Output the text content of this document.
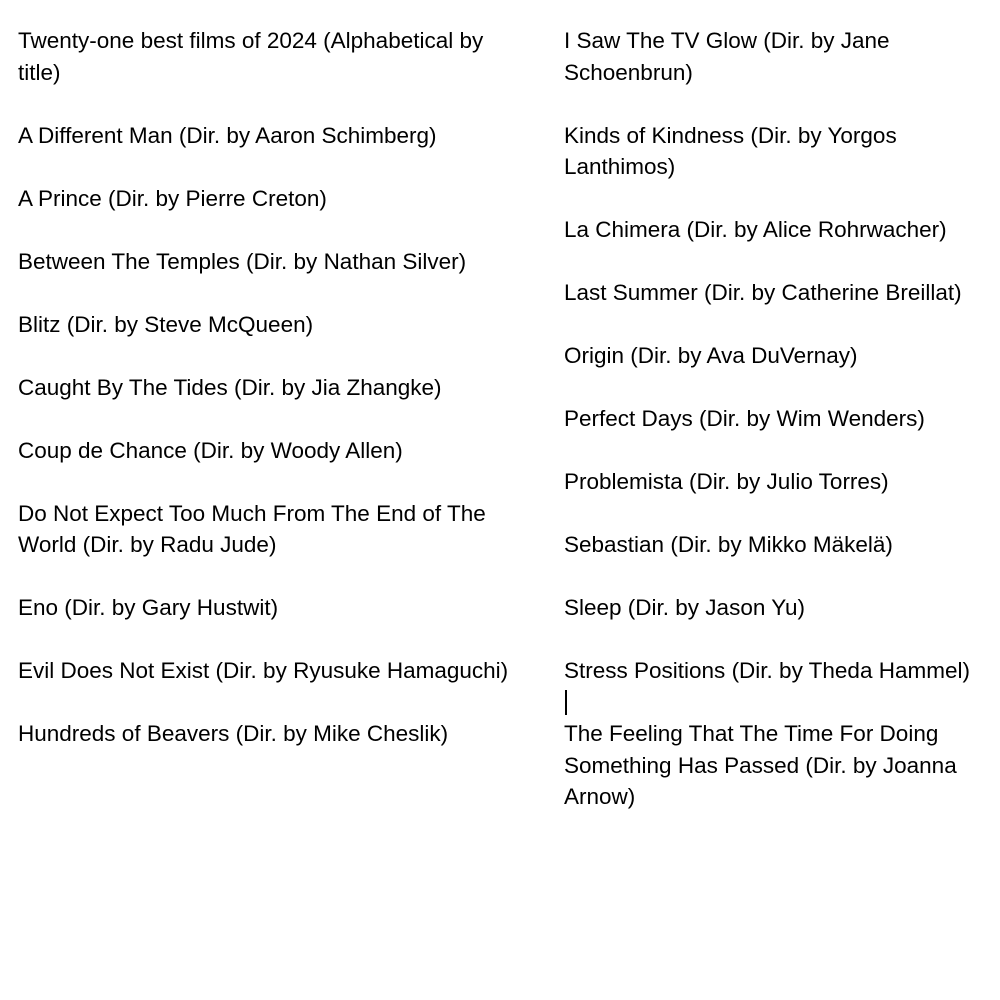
Twenty-one best films of 2024 (Alphabetical by title)

A Different Man (Dir. by Aaron Schimberg)

A Prince (Dir. by Pierre Creton)

Between The Temples (Dir. by Nathan Silver)

Blitz (Dir. by Steve McQueen)

Caught By The Tides (Dir. by Jia Zhangke)

Coup de Chance (Dir. by Woody Allen)

Do Not Expect Too Much From The End of The World (Dir. by Radu Jude)

Eno (Dir. by Gary Hustwit)

Evil Does Not Exist (Dir. by Ryusuke Hamaguchi)

Hundreds of Beavers (Dir. by Mike Cheslik)

I Saw The TV Glow (Dir. by Jane Schoenbrun)

Kinds of Kindness (Dir. by Yorgos Lanthimos)

La Chimera (Dir. by Alice Rohrwacher)

Last Summer (Dir. by Catherine Breillat)

Origin (Dir. by Ava DuVernay)

Perfect Days (Dir. by Wim Wenders)

Problemista (Dir. by Julio Torres)

Sebastian (Dir. by Mikko Mäkelä)

Sleep (Dir. by Jason Yu)

Stress Positions (Dir. by Theda Hammel)

The Feeling That The Time For Doing Something Has Passed (Dir. by Joanna Arnow)
